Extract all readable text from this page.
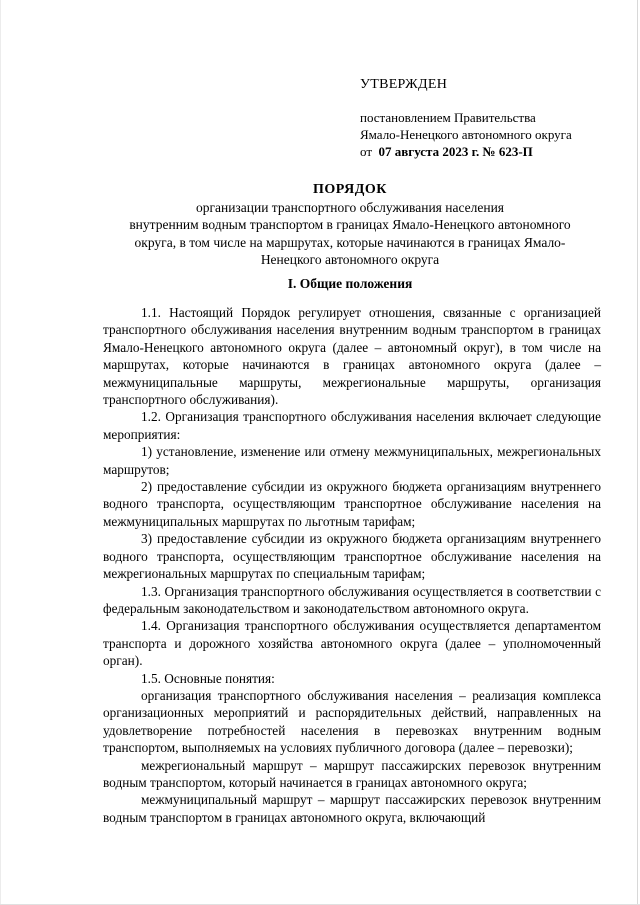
УТВЕРЖДЕН
постановлением Правительства
Ямало-Ненецкого автономного округа
от 07 августа 2023 г. № 623-П
ПОРЯДОК
организации транспортного обслуживания населения
внутренним водным транспортом в границах Ямало-Ненецкого автономного
округа, в том числе на маршрутах, которые начинаются в границах Ямало-
Ненецкого автономного округа
I. Общие положения

1.1. Настоящий Порядок регулирует отношения, связанные с организацией транспортного обслуживания населения внутренним водным транспортом в границах Ямало-Ненецкого автономного округа (далее – автономный округ), в том числе на маршрутах, которые начинаются в границах автономного округа (далее – межмуниципальные маршруты, межрегиональные маршруты, организация транспортного обслуживания).

1.2. Организация транспортного обслуживания населения включает следующие мероприятия:

1) установление, изменение или отмену межмуниципальных, межрегиональных маршрутов;

2) предоставление субсидии из окружного бюджета организациям внутреннего водного транспорта, осуществляющим транспортное обслуживание населения на межмуниципальных маршрутах по льготным тарифам;

3) предоставление субсидии из окружного бюджета организациям внутреннего водного транспорта, осуществляющим транспортное обслуживание населения на межрегиональных маршрутах по специальным тарифам;

1.3. Организация транспортного обслуживания осуществляется в соответствии с федеральным законодательством и законодательством автономного округа.

1.4. Организация транспортного обслуживания осуществляется департаментом транспорта и дорожного хозяйства автономного округа (далее – уполномоченный орган).

1.5. Основные понятия:

организация транспортного обслуживания населения – реализация комплекса организационных мероприятий и распорядительных действий, направленных на удовлетворение потребностей населения в перевозках внутренним водным транспортом, выполняемых на условиях публичного договора (далее – перевозки);

межрегиональный маршрут – маршрут пассажирских перевозок внутренним водным транспортом, который начинается в границах автономного округа;

межмуниципальный маршрут – маршрут пассажирских перевозок внутренним водным транспортом в границах автономного округа, включающий
